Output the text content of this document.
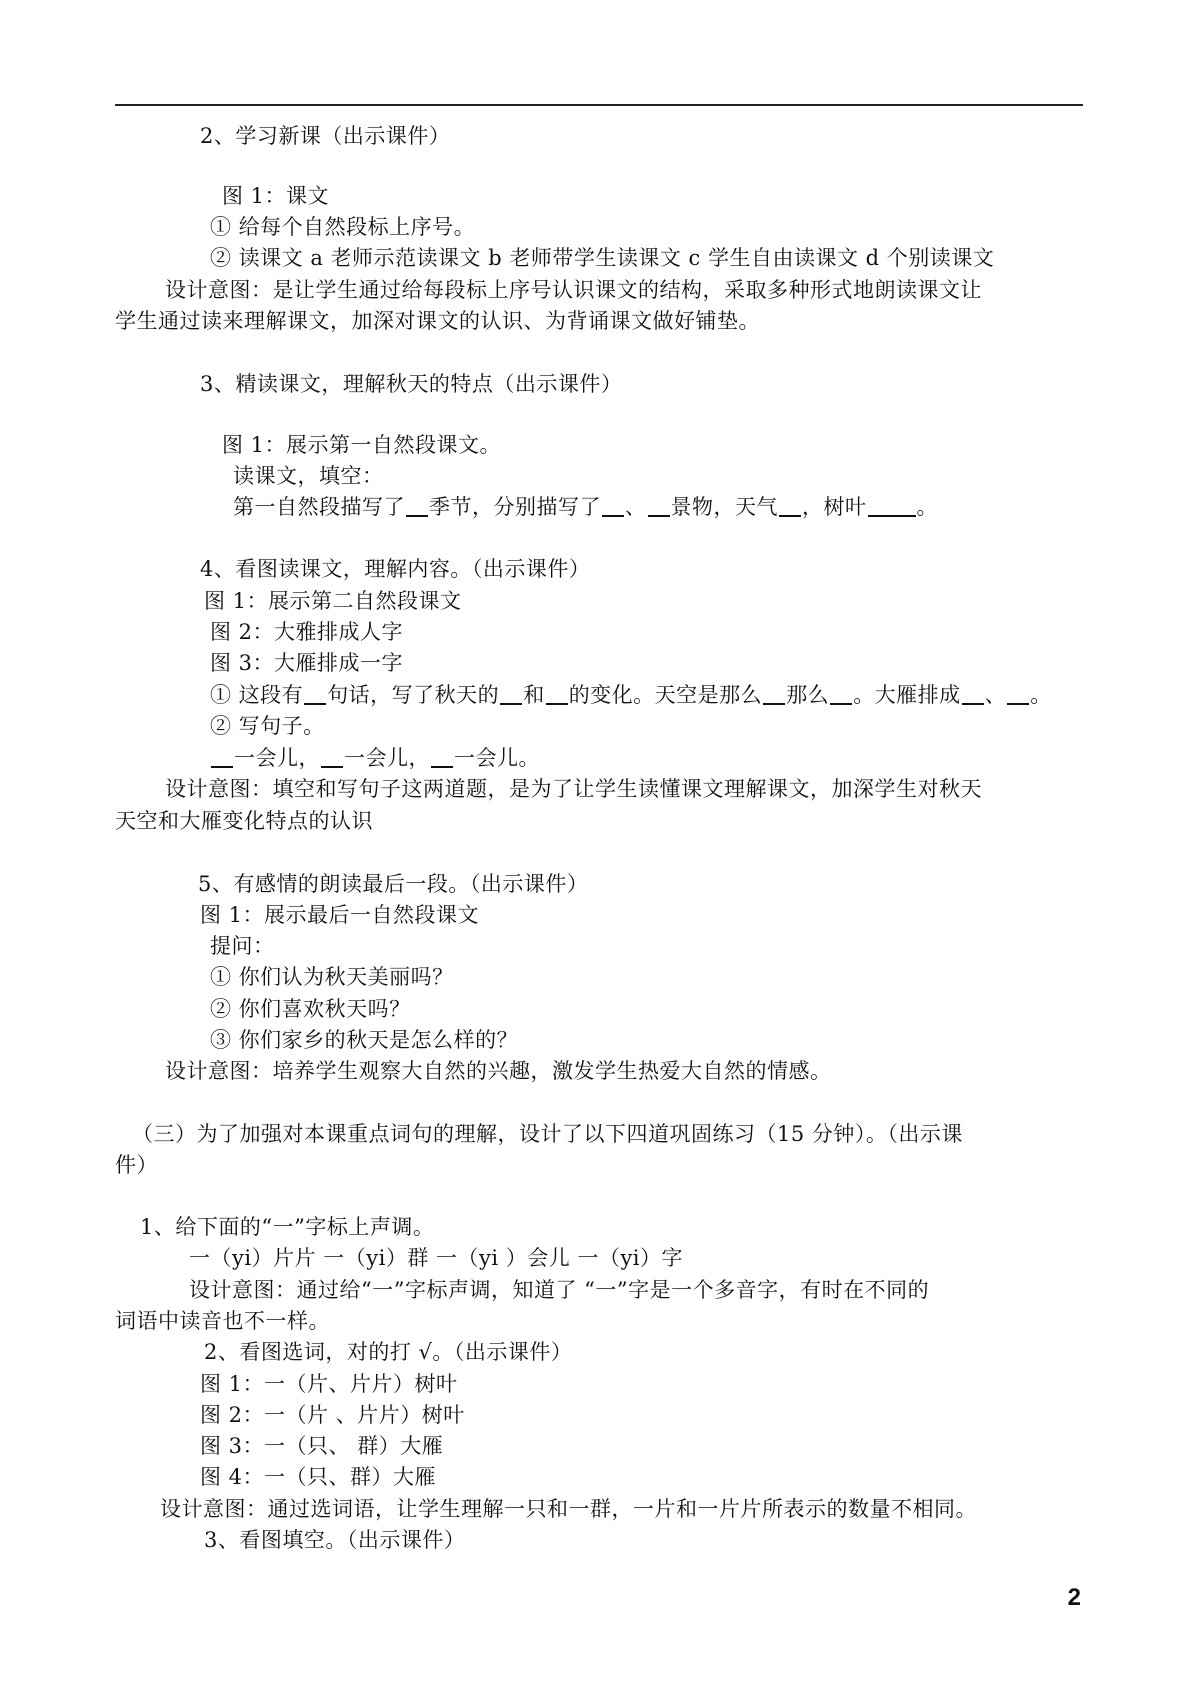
2、学习新课（出示课件）
图 1：课文
① 给每个自然段标上序号。
② 读课文 a 老师示范读课文 b 老师带学生读课文 c 学生自由读课文 d 个别读课文
设计意图：是让学生通过给每段标上序号认识课文的结构，采取多种形式地朗读课文让
学生通过读来理解课文，加深对课文的认识、为背诵课文做好铺垫。
3、精读课文，理解秋天的特点（出示课件）
图 1：展示第一自然段课文。
读课文，填空：
第一自然段描写了 季节，分别描写了 、 景物，天气 ，树叶 。
4、看图读课文，理解内容。（出示课件）
图 1：展示第二自然段课文
图 2：大雅排成人字
图 3：大雁排成一字
① 这段有 句话，写了秋天的 和 的变化。天空是那么 那么 。大雁排成 、 。
② 写句子。
一会儿， 一会儿， 一会儿。
设计意图：填空和写句子这两道题，是为了让学生读懂课文理解课文，加深学生对秋天
天空和大雁变化特点的认识
5、有感情的朗读最后一段。（出示课件）
图 1：展示最后一自然段课文
提问：
① 你们认为秋天美丽吗？
② 你们喜欢秋天吗？
③ 你们家乡的秋天是怎么样的？
设计意图：培养学生观察大自然的兴趣，激发学生热爱大自然的情感。
（三）为了加强对本课重点词句的理解，设计了以下四道巩固练习（15 分钟）。（出示课
件）
1、给下面的“一”字标上声调。
一（yi）片片 一（yi）群 一（yi ）会儿 一（yi）字
设计意图：通过给“一”字标声调，知道了 “一”字是一个多音字，有时在不同的
词语中读音也不一样。
2、看图选词，对的打 √。（出示课件）
图 1：一（片、片片）树叶
图 2：一（片 、片片）树叶
图 3：一（只、 群）大雁
图 4：一（只、群）大雁
设计意图：通过选词语，让学生理解一只和一群，一片和一片片所表示的数量不相同。
3、看图填空。（出示课件）
2
